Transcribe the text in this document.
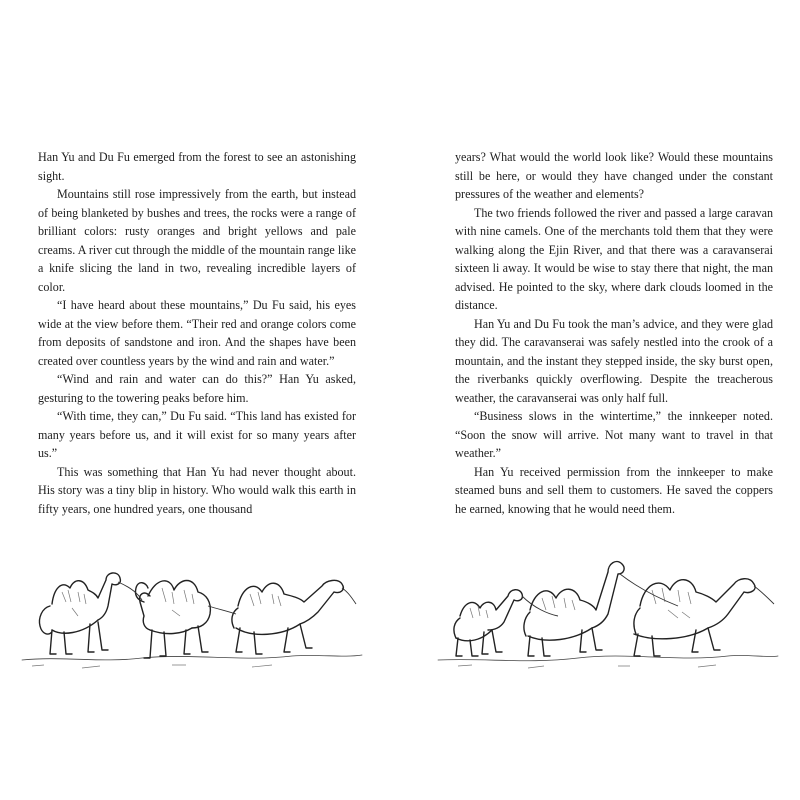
Han Yu and Du Fu emerged from the forest to see an astonishing sight.

Mountains still rose impressively from the earth, but instead of being blanketed by bushes and trees, the rocks were a range of brilliant colors: rusty oranges and bright yellows and pale creams. A river cut through the middle of the mountain range like a knife slicing the land in two, revealing incredible layers of color.

“I have heard about these mountains,” Du Fu said, his eyes wide at the view before them. “Their red and orange colors come from deposits of sandstone and iron. And the shapes have been created over countless years by the wind and rain and water.”

“Wind and rain and water can do this?” Han Yu asked, gesturing to the towering peaks before him.

“With time, they can,” Du Fu said. “This land has existed for many years before us, and it will exist for so many years after us.”

This was something that Han Yu had never thought about. His story was a tiny blip in history. Who would walk this earth in fifty years, one hundred years, one thousand

years? What would the world look like? Would these mountains still be here, or would they have changed under the constant pressures of the weather and elements?

The two friends followed the river and passed a large caravan with nine camels. One of the merchants told them that they were walking along the Ejin River, and that there was a caravanserai sixteen li away. It would be wise to stay there that night, the man advised. He pointed to the sky, where dark clouds loomed in the distance.

Han Yu and Du Fu took the man’s advice, and they were glad they did. The caravanserai was safely nestled into the crook of a mountain, and the instant they stepped inside, the sky burst open, the riverbanks quickly overflowing. Despite the treacherous weather, the caravanserai was only half full.

“Business slows in the wintertime,” the innkeeper noted. “Soon the snow will arrive. Not many want to travel in that weather.”

Han Yu received permission from the innkeeper to make steamed buns and sell them to customers. He saved the coppers he earned, knowing that he would need them.
